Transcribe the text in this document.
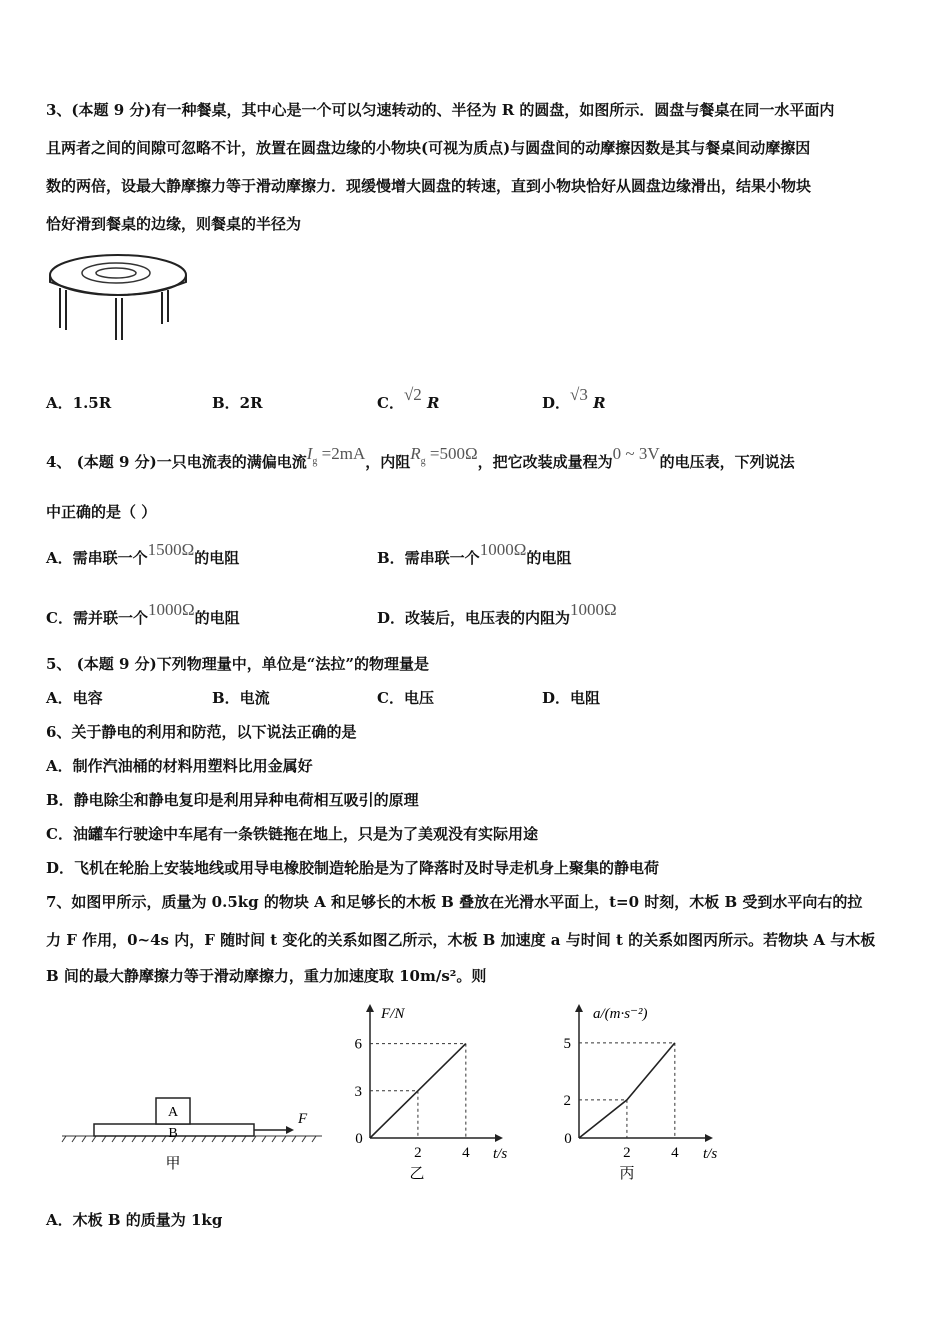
3、(本题 9 分)有一种餐桌，其中心是一个可以匀速转动的、半径为 R 的圆盘，如图所示．圆盘与餐桌在同一水平面内
且两者之间的间隙可忽略不计，放置在圆盘边缘的小物块(可视为质点)与圆盘间的动摩擦因数是其与餐桌间动摩擦因
数的两倍，设最大静摩擦力等于滑动摩擦力．现缓慢增大圆盘的转速，直到小物块恰好从圆盘边缘滑出，结果小物块
恰好滑到餐桌的边缘，则餐桌的半径为
A．1.5R	B．2R	C．√2 R	D．√3 R
4、 (本题 9 分)一只电流表的满偏电流$I_g =2mA$，内阻$R_g =500\Omega$，把它改装成量程为0 ~ 3V的电压表，下列说法
中正确的是（ ）
A．需串联一个1500Ω的电阻	B．需串联一个1000Ω的电阻
C．需并联一个1000Ω的电阻	D．改装后，电压表的内阻为1000Ω
5、 (本题 9 分)下列物理量中，单位是“法拉”的物理量是
A．电容	B．电流	C．电压	D．电阻
6、关于静电的利用和防范，以下说法正确的是
A．制作汽油桶的材料用塑料比用金属好
B．静电除尘和静电复印是利用异种电荷相互吸引的原理
C．油罐车行驶途中车尾有一条铁链拖在地上，只是为了美观没有实际用途
D．飞机在轮胎上安装地线或用导电橡胶制造轮胎是为了降落时及时导走机身上聚集的静电荷
7、如图甲所示，质量为 0.5kg 的物块 A 和足够长的木板 B 叠放在光滑水平面上，t=0 时刻，木板 B 受到水平向右的拉
力 F 作用，0~4s 内，F 随时间 t 变化的关系如图乙所示，木板 B 加速度 a 与时间 t 的关系如图丙所示。若物块 A 与木板
B 间的最大静摩擦力等于滑动摩擦力，重力加速度取 10m/s²。则
A
B
F
甲
F/N
t/s
0
乙
2	4
3
6
a/(m·s⁻²)
t/s
0
丙
2	4
2
5
A．木板 B 的质量为 1kg
